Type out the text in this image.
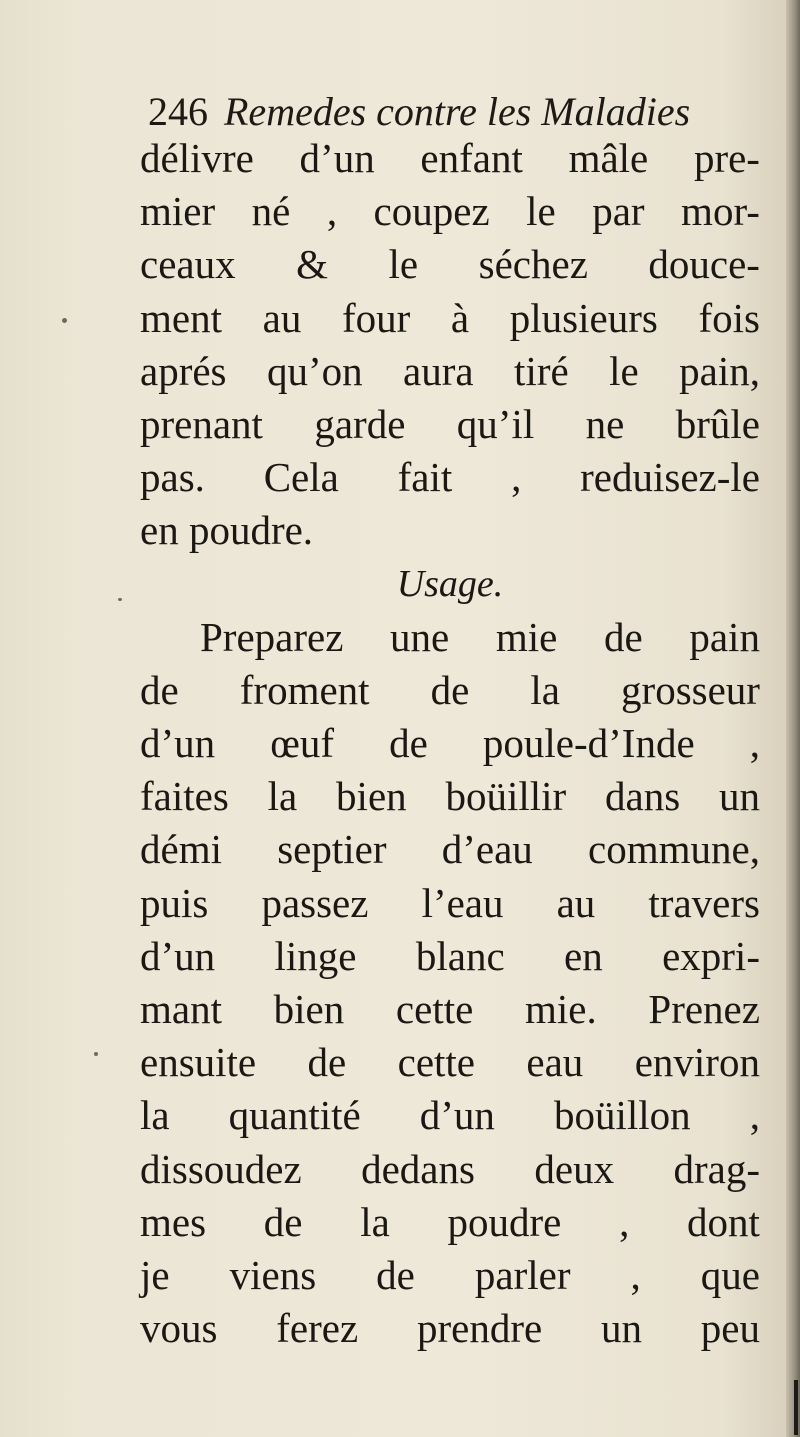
246 Remedes contre les Maladies
délivre d’un enfant mâle pre-
mier né , coupez le par mor-
ceaux & le séchez douce-
ment au four à plusieurs fois
aprés qu’on aura tiré le pain,
prenant garde qu’il ne brûle
pas. Cela fait , reduisez-le
en poudre.
Usage.
Preparez une mie de pain
de froment de la grosseur
d’un œuf de poule-d’Inde ,
faites la bien boüillir dans un
démi septier d’eau commune,
puis passez l’eau au travers
d’un linge blanc en expri-
mant bien cette mie. Prenez
ensuite de cette eau environ
la quantité d’un boüillon ,
dissoudez dedans deux drag-
mes de la poudre , dont
je viens de parler , que
vous ferez prendre un peu
